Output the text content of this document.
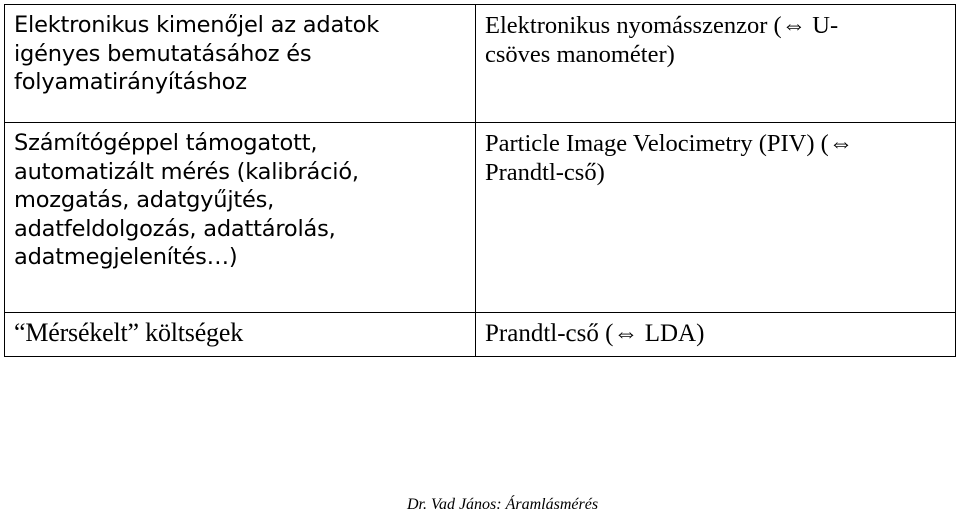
Elektronikus kimenőjel az adatok
igényes bemutatásához és
folyamatirányításhoz	Elektronikus nyomásszenzor (⇔ U-
csöves manométer)

Számítógéppel támogatott,
automatizált mérés (kalibráció,
mozgatás, adatgyűjtés,
adatfeldolgozás, adattárolás,
adatmegjelenítés…)	Particle Image Velocimetry (PIV) (⇔
Prandtl-cső)

“Mérsékelt” költségek	Prandtl-cső (⇔ LDA)
Dr. Vad János: Áramlásmérés
